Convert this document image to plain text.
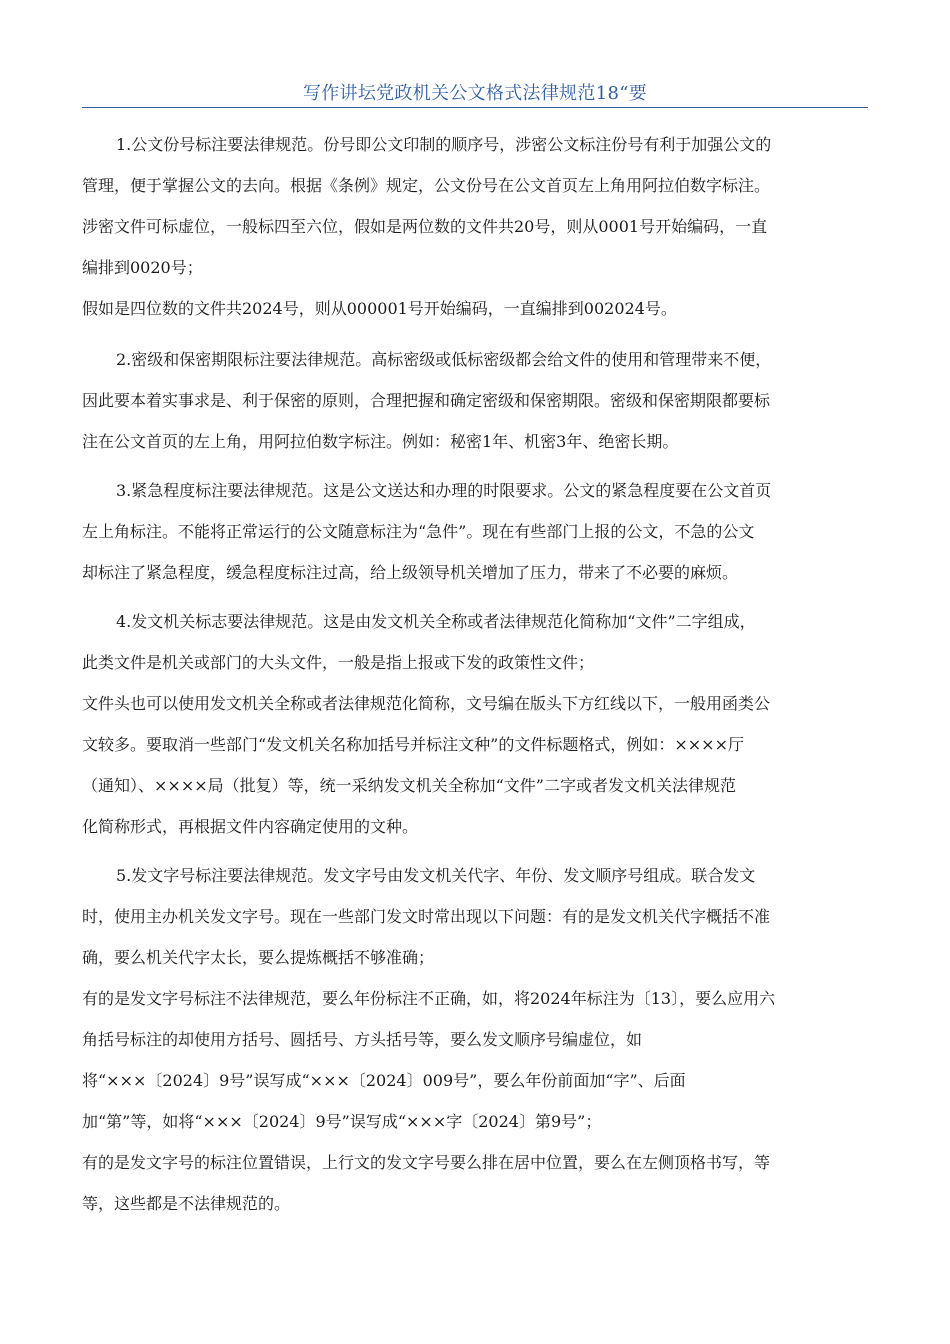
写作讲坛党政机关公文格式法律规范18“要
1.公文份号标注要法律规范。份号即公文印制的顺序号，涉密公文标注份号有利于加强公文的
管理，便于掌握公文的去向。根据《条例》规定，公文份号在公文首页左上角用阿拉伯数字标注。
涉密文件可标虚位，一般标四至六位，假如是两位数的文件共20号，则从0001号开始编码，一直
编排到0020号；
假如是四位数的文件共2024号，则从000001号开始编码，一直编排到002024号。
2.密级和保密期限标注要法律规范。高标密级或低标密级都会给文件的使用和管理带来不便，
因此要本着实事求是、利于保密的原则，合理把握和确定密级和保密期限。密级和保密期限都要标
注在公文首页的左上角，用阿拉伯数字标注。例如：秘密1年、机密3年、绝密长期。
3.紧急程度标注要法律规范。这是公文送达和办理的时限要求。公文的紧急程度要在公文首页
左上角标注。不能将正常运行的公文随意标注为“急件”。现在有些部门上报的公文，不急的公文
却标注了紧急程度，缓急程度标注过高，给上级领导机关增加了压力，带来了不必要的麻烦。
4.发文机关标志要法律规范。这是由发文机关全称或者法律规范化简称加“文件”二字组成，
此类文件是机关或部门的大头文件，一般是指上报或下发的政策性文件；
文件头也可以使用发文机关全称或者法律规范化简称，文号编在版头下方红线以下，一般用函类公
文较多。要取消一些部门“发文机关名称加括号并标注文种”的文件标题格式，例如：××××厅
（通知）、××××局（批复）等，统一采纳发文机关全称加“文件”二字或者发文机关法律规范
化简称形式，再根据文件内容确定使用的文种。
5.发文字号标注要法律规范。发文字号由发文机关代字、年份、发文顺序号组成。联合发文
时，使用主办机关发文字号。现在一些部门发文时常出现以下问题：有的是发文机关代字概括不准
确，要么机关代字太长，要么提炼概括不够准确；
有的是发文字号标注不法律规范，要么年份标注不正确，如，将2024年标注为〔13〕，要么应用六
角括号标注的却使用方括号、圆括号、方头括号等，要么发文顺序号编虚位，如
将“×××〔2024〕9号”误写成“×××〔2024〕009号”，要么年份前面加“字”、后面
加“第”等，如将“×××〔2024〕9号”误写成“×××字〔2024〕第9号”；
有的是发文字号的标注位置错误，上行文的发文字号要么排在居中位置，要么在左侧顶格书写，等
等，这些都是不法律规范的。
